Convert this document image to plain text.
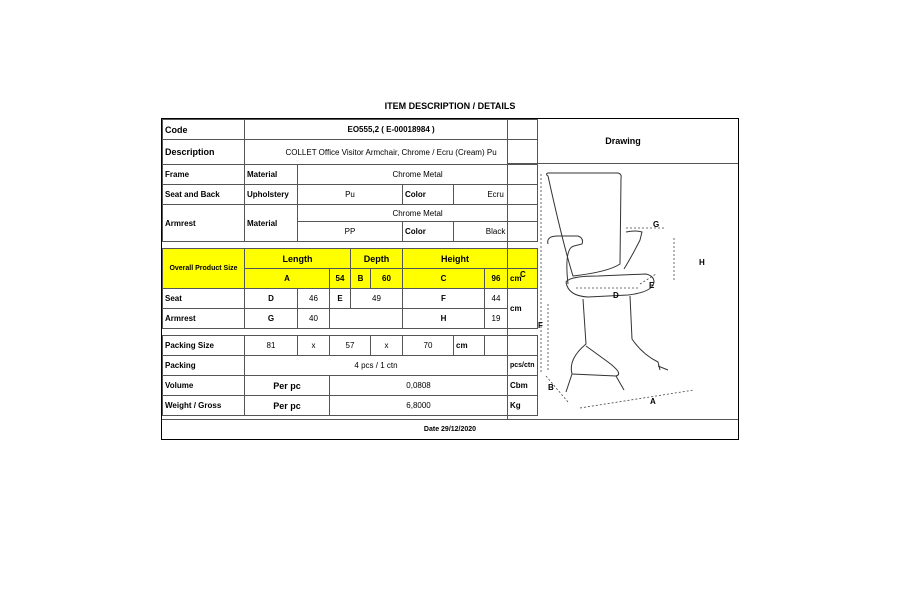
ITEM DESCRIPTION / DETAILS
Code	EO555,2 ( E-00018984 )								
Description	COLLET Office Visitor Armchair, Chrome / Ecru (Cream) Pu								
Frame	Material	Chrome Metal							
Seat and Back	Upholstery	Pu				Color	Ecru		
Armrest	Material	Chrome Metal							
		PP				Color	Black		

Overall Product Size	Length			Depth		Height			
	A		54	B	60	C		96	cm
Seat	D	46	E	49		F		44	cm
Armrest	G	40				H		19	

Packing Size	81	x	57		x	70	cm		
Packing	4 pcs / 1 ctn								pcs/ctn
Volume	Per pc		0,0808						Cbm
Weight / Gross	Per pc		6,8000						Kg
Drawing
C
F
G
H
D
E
B
A
Date 29/12/2020
